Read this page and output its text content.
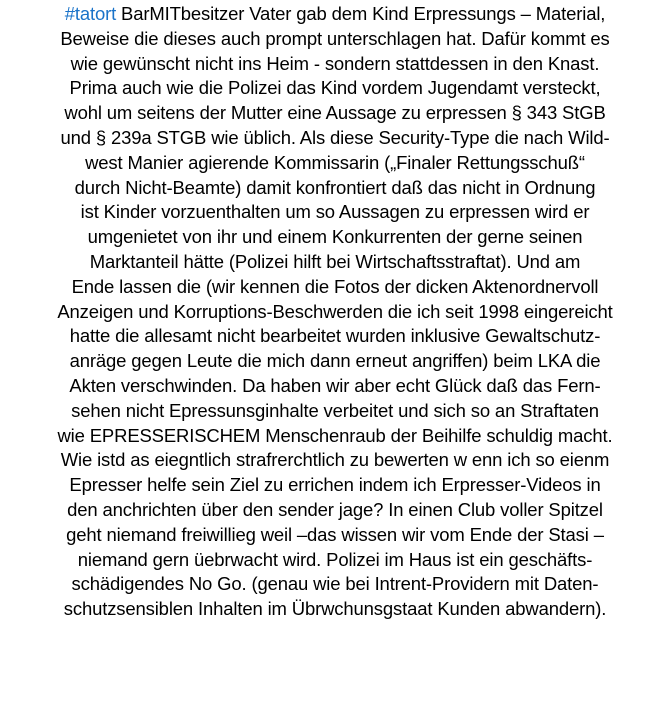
#tatort BarMITbesitzer Vater gab dem Kind Erpressungs – Material,
Beweise die dieses auch prompt unterschlagen hat. Dafür kommt es
wie gewünscht nicht ins Heim - sondern stattdessen in den Knast.
Prima auch wie die Polizei das Kind vordem Jugendamt versteckt,
wohl um seitens der Mutter eine Aussage zu erpressen § 343 StGB
und § 239a STGB wie üblich. Als diese Security-Type die nach Wild-
west Manier agierende Kommissarin („Finaler Rettungsschuß“
durch Nicht-Beamte) damit konfrontiert daß das nicht in Ordnung
ist Kinder vorzuenthalten um so Aussagen zu erpressen wird er
umgenietet von ihr und einem Konkurrenten der gerne seinen
Marktanteil hätte (Polizei hilft bei Wirtschaftsstraftat). Und am
Ende lassen die (wir kennen die Fotos der dicken Aktenordnervoll
Anzeigen und Korruptions-Beschwerden die ich seit 1998 eingereicht
hatte die allesamt nicht bearbeitet wurden inklusive Gewaltschutz-
anräge gegen Leute die mich dann erneut angriffen) beim LKA die
Akten verschwinden. Da haben wir aber echt Glück daß das Fern-
sehen nicht Epressunsginhalte verbeitet und sich so an Straftaten
wie EPRESSERISCHEM Menschenraub der Beihilfe schuldig macht.
Wie istd as eiegntlich strafrerchtlich zu bewerten w enn ich so eienm
Epresser helfe sein Ziel zu errichen indem ich Erpresser-Videos in
den anchrichten über den sender jage? In einen Club voller Spitzel
geht niemand freiwillieg weil –das wissen wir vom Ende der Stasi –
niemand gern üebrwacht wird. Polizei im Haus ist ein geschäfts-
schädigendes No Go. (genau wie bei Intrent-Providern mit Daten-
schutzsensiblen Inhalten im Übrwchunsgstaat Kunden abwandern).
